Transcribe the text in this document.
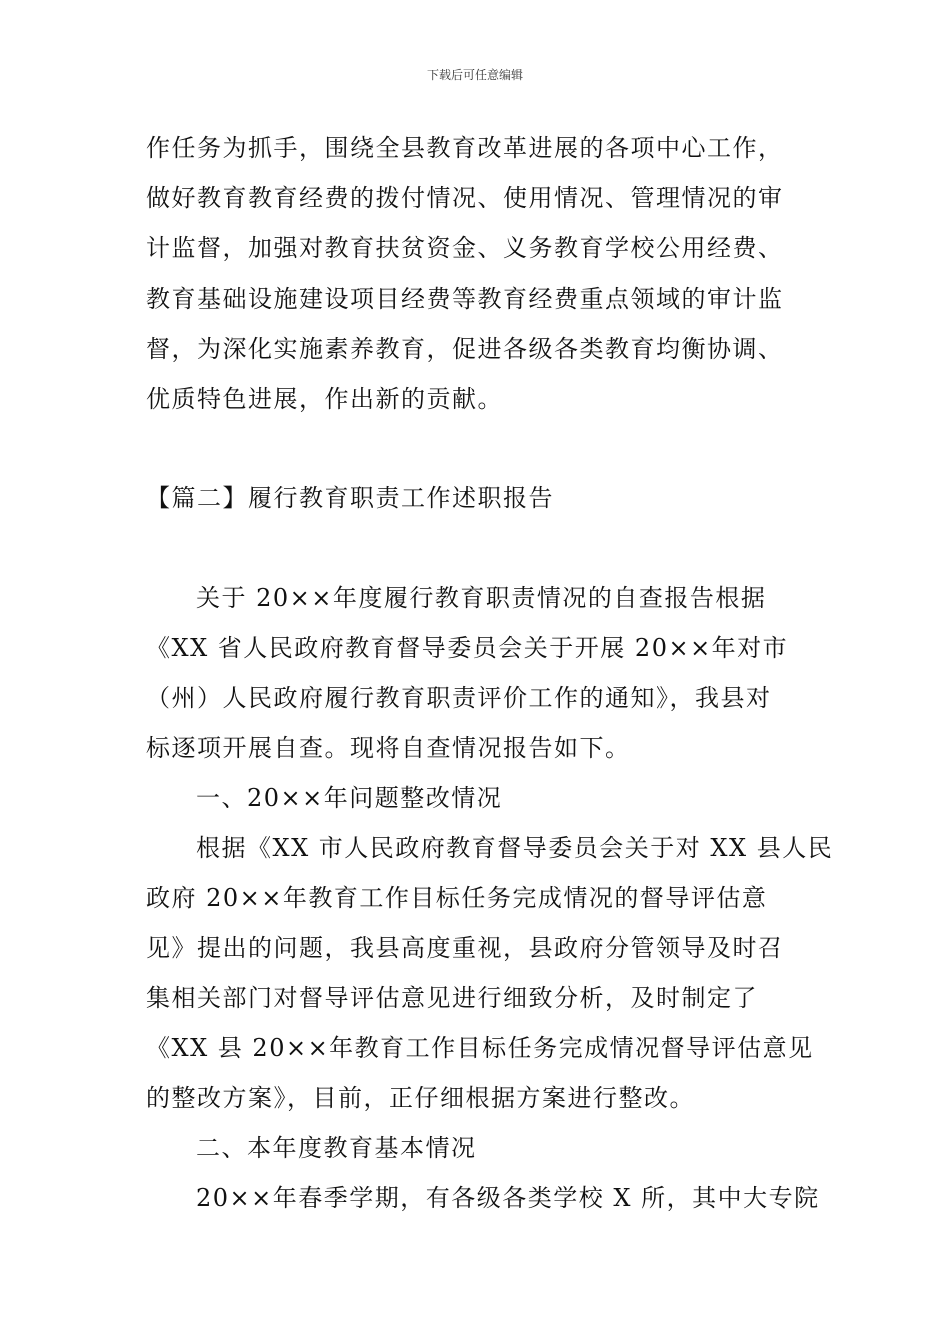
下载后可任意编辑
作任务为抓手，围绕全县教育改革进展的各项中心工作，
做好教育教育经费的拨付情况、使用情况、管理情况的审
计监督，加强对教育扶贫资金、义务教育学校公用经费、
教育基础设施建设项目经费等教育经费重点领域的审计监
督，为深化实施素养教育，促进各级各类教育均衡协调、
优质特色进展，作出新的贡献。
【篇二】履行教育职责工作述职报告
关于 20××年度履行教育职责情况的自查报告根据
《XX 省人民政府教育督导委员会关于开展 20××年对市
（州）人民政府履行教育职责评价工作的通知》，我县对
标逐项开展自查。现将自查情况报告如下。
一、20××年问题整改情况
根据《XX 市人民政府教育督导委员会关于对 XX 县人民
政府 20××年教育工作目标任务完成情况的督导评估意
见》提出的问题，我县高度重视，县政府分管领导及时召
集相关部门对督导评估意见进行细致分析，及时制定了
《XX 县 20××年教育工作目标任务完成情况督导评估意见
的整改方案》，目前，正仔细根据方案进行整改。
二、本年度教育基本情况
20××年春季学期，有各级各类学校 X 所，其中大专院
